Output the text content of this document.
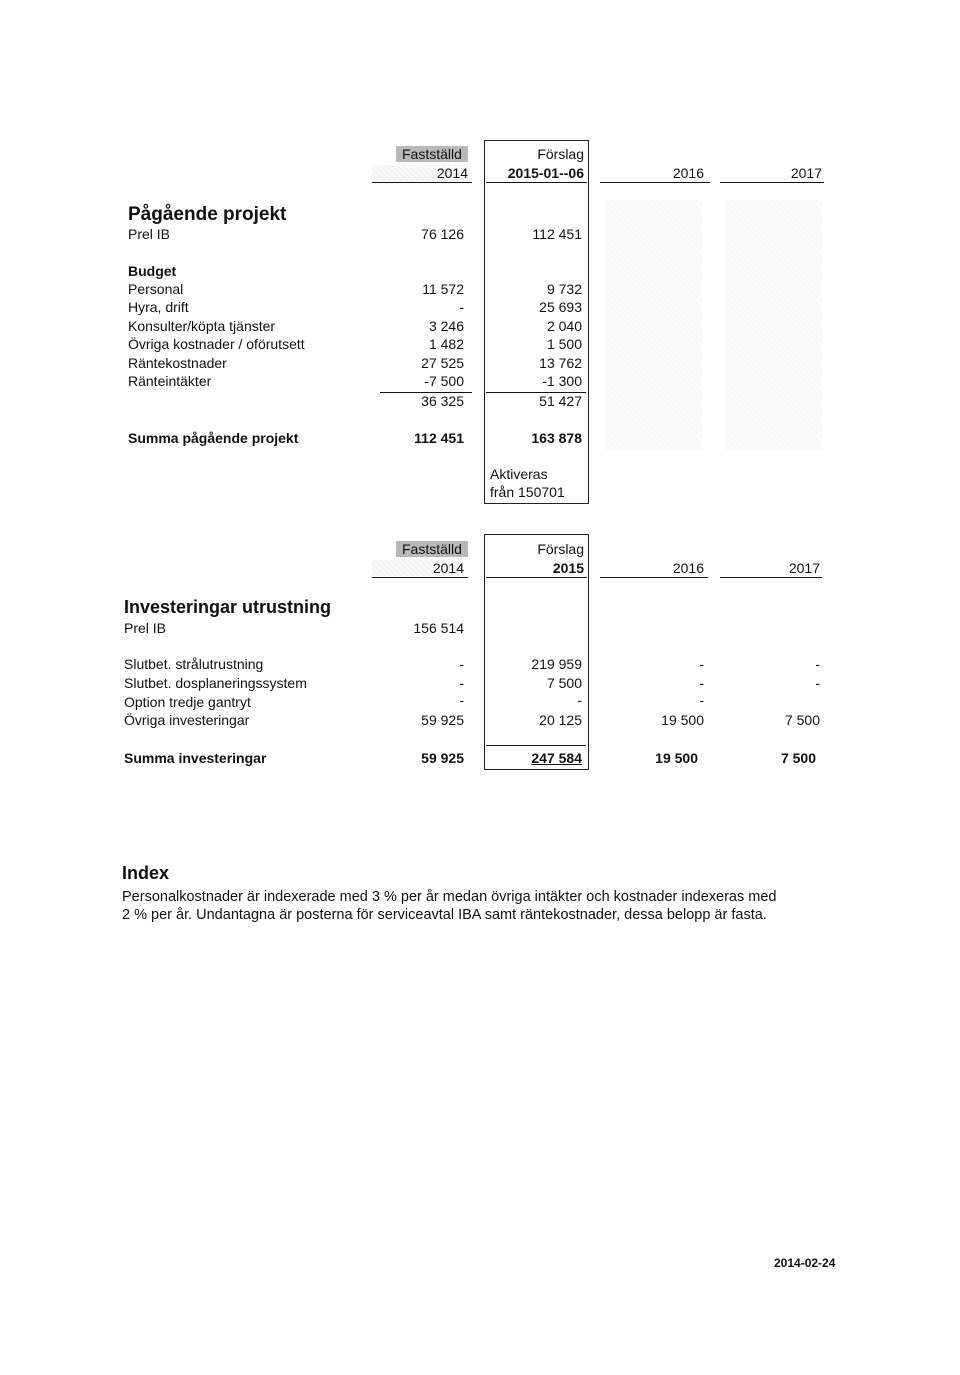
Fastställd
2014
Förslag
2015-01--06	2016	2017
Pågående projekt
Prel IB	76 126	112 451
Budget
Personal	11 572	9 732
Hyra, drift	-	25 693
Konsulter/köpta tjänster	3 246	2 040
Övriga kostnader / oförutsett	1 482	1 500
Räntekostnader	27 525	13 762
Ränteintäkter	-7 500	-1 300
36 325	51 427
Summa pågående projekt	112 451	163 878
Aktiveras
från 150701
Fastställd
2014
Förslag
2015	2016	2017
Investeringar utrustning
Prel IB	156 514
Slutbet. strålutrustning	-	219 959	-	-
Slutbet. dosplaneringssystem	-	7 500	-	-
Option tredje gantryt	-	-	-
Övriga investeringar	59 925	20 125	19 500	7 500
Summa investeringar	59 925	247 584	19 500	7 500
Index
Personalkostnader är indexerade med 3 % per år medan övriga intäkter och kostnader indexeras med
2 % per år. Undantagna är posterna för serviceavtal IBA samt räntekostnader, dessa belopp är fasta.
2014-02-24
